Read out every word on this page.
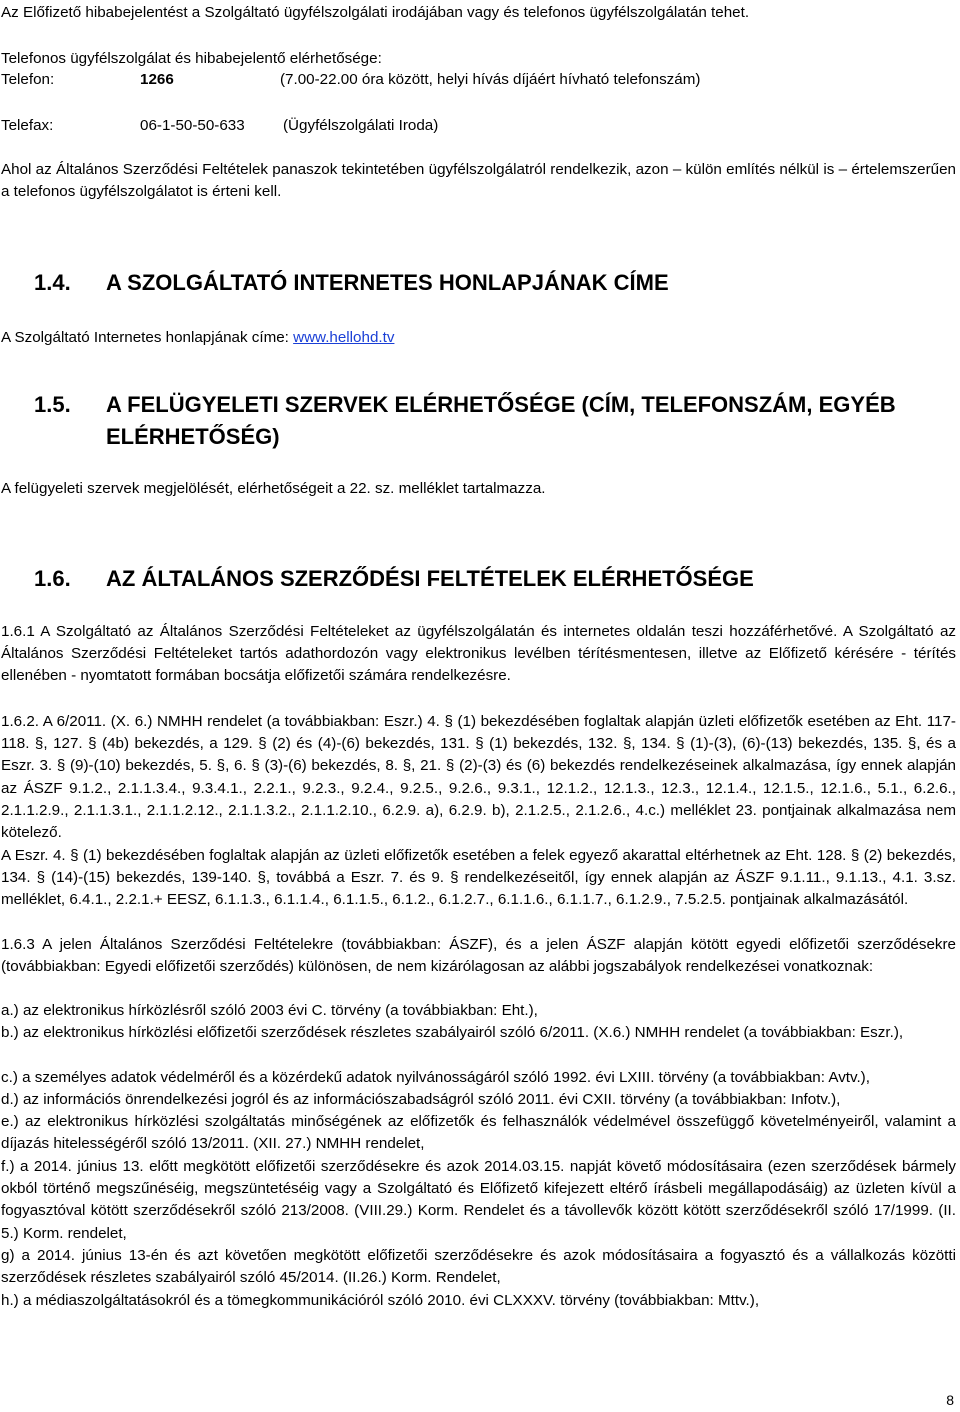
Az Előfizető hibabejelentést a Szolgáltató ügyfélszolgálati irodájában vagy és telefonos ügyfélszolgálatán tehet.
Telefonos ügyfélszolgálat és hibabejelentő elérhetősége:
Telefon:	1266	(7.00-22.00 óra között, helyi hívás díjáért hívható telefonszám)
Telefax:	06-1-50-50-633	(Ügyfélszolgálati Iroda)
Ahol az Általános Szerződési Feltételek panaszok tekintetében ügyfélszolgálatról rendelkezik, azon – külön említés nélkül is – értelemszerűen a telefonos ügyfélszolgálatot is érteni kell.
1.4. A SZOLGÁLTATÓ INTERNETES HONLAPJÁNAK CÍME
A Szolgáltató Internetes honlapjának címe: www.hellohd.tv
1.5. A FELÜGYELETI SZERVEK ELÉRHETŐSÉGE (CÍM, TELEFONSZÁM, EGYÉB
ELÉRHETŐSÉG)
A felügyeleti szervek megjelölését, elérhetőségeit a 22. sz. melléklet tartalmazza.
1.6. AZ ÁLTALÁNOS SZERZŐDÉSI FELTÉTELEK ELÉRHETŐSÉGE
1.6.1 A Szolgáltató az Általános Szerződési Feltételeket az ügyfélszolgálatán és internetes oldalán teszi hozzáférhetővé. A Szolgáltató az Általános Szerződési Feltételeket tartós adathordozón vagy elektronikus levélben térítésmentesen, illetve az Előfizető kérésére - térítés ellenében - nyomtatott formában bocsátja előfizetői számára rendelkezésre.
1.6.2. A 6/2011. (X. 6.) NMHH rendelet (a továbbiakban: Eszr.) 4. § (1) bekezdésében foglaltak alapján üzleti előfizetők esetében az Eht. 117-118. §, 127. § (4b) bekezdés, a 129. § (2) és (4)-(6) bekezdés, 131. § (1) bekezdés, 132. §, 134. § (1)-(3), (6)-(13) bekezdés, 135. §, és a Eszr. 3. § (9)-(10) bekezdés, 5. §, 6. § (3)-(6) bekezdés, 8. §, 21. § (2)-(3) és (6) bekezdés rendelkezéseinek alkalmazása, így ennek alapján az ÁSZF 9.1.2., 2.1.1.3.4., 9.3.4.1., 2.2.1., 9.2.3., 9.2.4., 9.2.5., 9.2.6., 9.3.1., 12.1.2., 12.1.3., 12.3., 12.1.4., 12.1.5., 12.1.6., 5.1., 6.2.6., 2.1.1.2.9., 2.1.1.3.1., 2.1.1.2.12., 2.1.1.3.2., 2.1.1.2.10., 6.2.9. a), 6.2.9. b), 2.1.2.5., 2.1.2.6., 4.c.) melléklet 23. pontjainak alkalmazása nem kötelező.
A Eszr. 4. § (1) bekezdésében foglaltak alapján az üzleti előfizetők esetében a felek egyező akarattal eltérhetnek az Eht. 128. § (2) bekezdés, 134. § (14)-(15) bekezdés, 139-140. §, továbbá a Eszr. 7. és 9. § rendelkezéseitől, így ennek alapján az ÁSZF 9.1.11., 9.1.13., 4.1. 3.sz. melléklet, 6.4.1., 2.2.1.+ EESZ, 6.1.1.3., 6.1.1.4., 6.1.1.5., 6.1.2., 6.1.2.7., 6.1.1.6., 6.1.1.7., 6.1.2.9., 7.5.2.5. pontjainak alkalmazásától.
1.6.3 A jelen Általános Szerződési Feltételekre (továbbiakban: ÁSZF), és a jelen ÁSZF alapján kötött egyedi előfizetői szerződésekre (továbbiakban: Egyedi előfizetői szerződés) különösen, de nem kizárólagosan az alábbi jogszabályok rendelkezései vonatkoznak:
a.) az elektronikus hírközlésről szóló 2003 évi C. törvény (a továbbiakban: Eht.),
b.) az elektronikus hírközlési előfizetői szerződések részletes szabályairól szóló 6/2011. (X.6.) NMHH rendelet (a továbbiakban: Eszr.),
c.) a személyes adatok védelméről és a közérdekű adatok nyilvánosságáról szóló 1992. évi LXIII. törvény (a továbbiakban: Avtv.),
d.) az információs önrendelkezési jogról és az információszabadságról szóló 2011. évi CXII. törvény (a továbbiakban: Infotv.),
e.) az elektronikus hírközlési szolgáltatás minőségének az előfizetők és felhasználók védelmével összefüggő követelményeiről, valamint a díjazás hitelességéről szóló 13/2011. (XII. 27.) NMHH rendelet,
f.) a 2014. június 13. előtt megkötött előfizetői szerződésekre és azok 2014.03.15. napját követő módosításaira (ezen szerződések bármely okból történő megszűnéséig, megszüntetéséig vagy a Szolgáltató és Előfizető kifejezett eltérő írásbeli megállapodásáig) az üzleten kívül a fogyasztóval kötött szerződésekről szóló 213/2008. (VIII.29.) Korm. Rendelet és a távollevők között kötött szerződésekről szóló 17/1999. (II. 5.) Korm. rendelet,
g) a 2014. június 13-én és azt követően megkötött előfizetői szerződésekre és azok módosításaira a fogyasztó és a vállalkozás közötti szerződések részletes szabályairól szóló 45/2014. (II.26.) Korm. Rendelet,
h.) a médiaszolgáltatásokról és a tömegkommunikációról szóló 2010. évi CLXXXV. törvény (továbbiakban: Mttv.),
8
